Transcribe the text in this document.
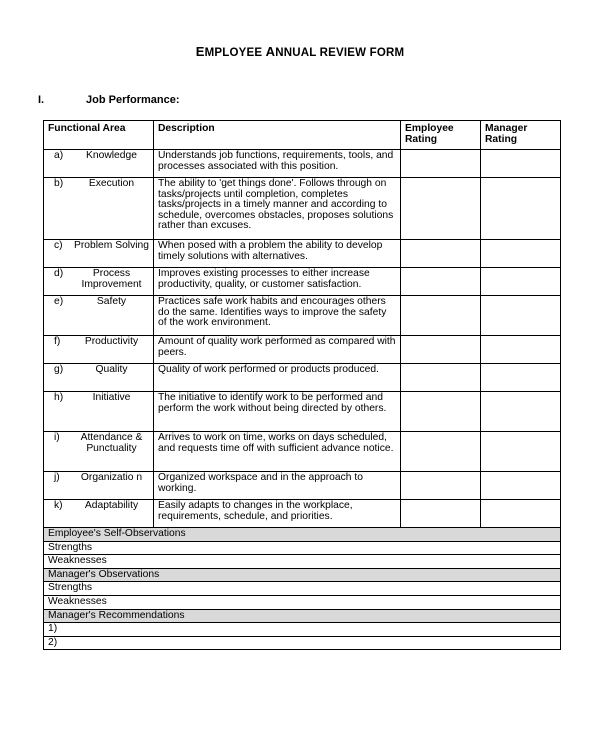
EMPLOYEE ANNUAL REVIEW FORM
I.	Job Performance:
Functional Area	Description	Employee Rating	Manager Rating

a) Knowledge	Understands job functions, requirements, tools, and processes associated with this position.		

b) Execution	The ability to 'get things done'. Follows through on tasks/projects until completion, completes tasks/projects in a timely manner and according to schedule, overcomes obstacles, proposes solutions rather than excuses.		

c) Problem Solving	When posed with a problem the ability to develop timely solutions with alternatives.		

d) Process Improvement	Improves existing processes to either increase productivity, quality, or customer satisfaction.		

e) Safety	Practices safe work habits and encourages others do the same. Identifies ways to improve the safety of the work environment.		

f) Productivity	Amount of quality work performed as compared with peers.		

g) Quality	Quality of work performed or products produced.		

h) Initiative	The initiative to identify work to be performed and perform the work without being directed by others.		

i) Attendance & Punctuality	Arrives to work on time, works on days scheduled, and requests time off with sufficient advance notice.		

j) Organizatio n	Organized workspace and in the approach to working.		

k) Adaptability	Easily adapts to changes in the workplace, requirements, schedule, and priorities.		
Employee's Self-Observations			
Strengths			
Weaknesses			
Manager's Observations			
Strengths			
Weaknesses			
Manager's Recommendations			
1)			
2)			
